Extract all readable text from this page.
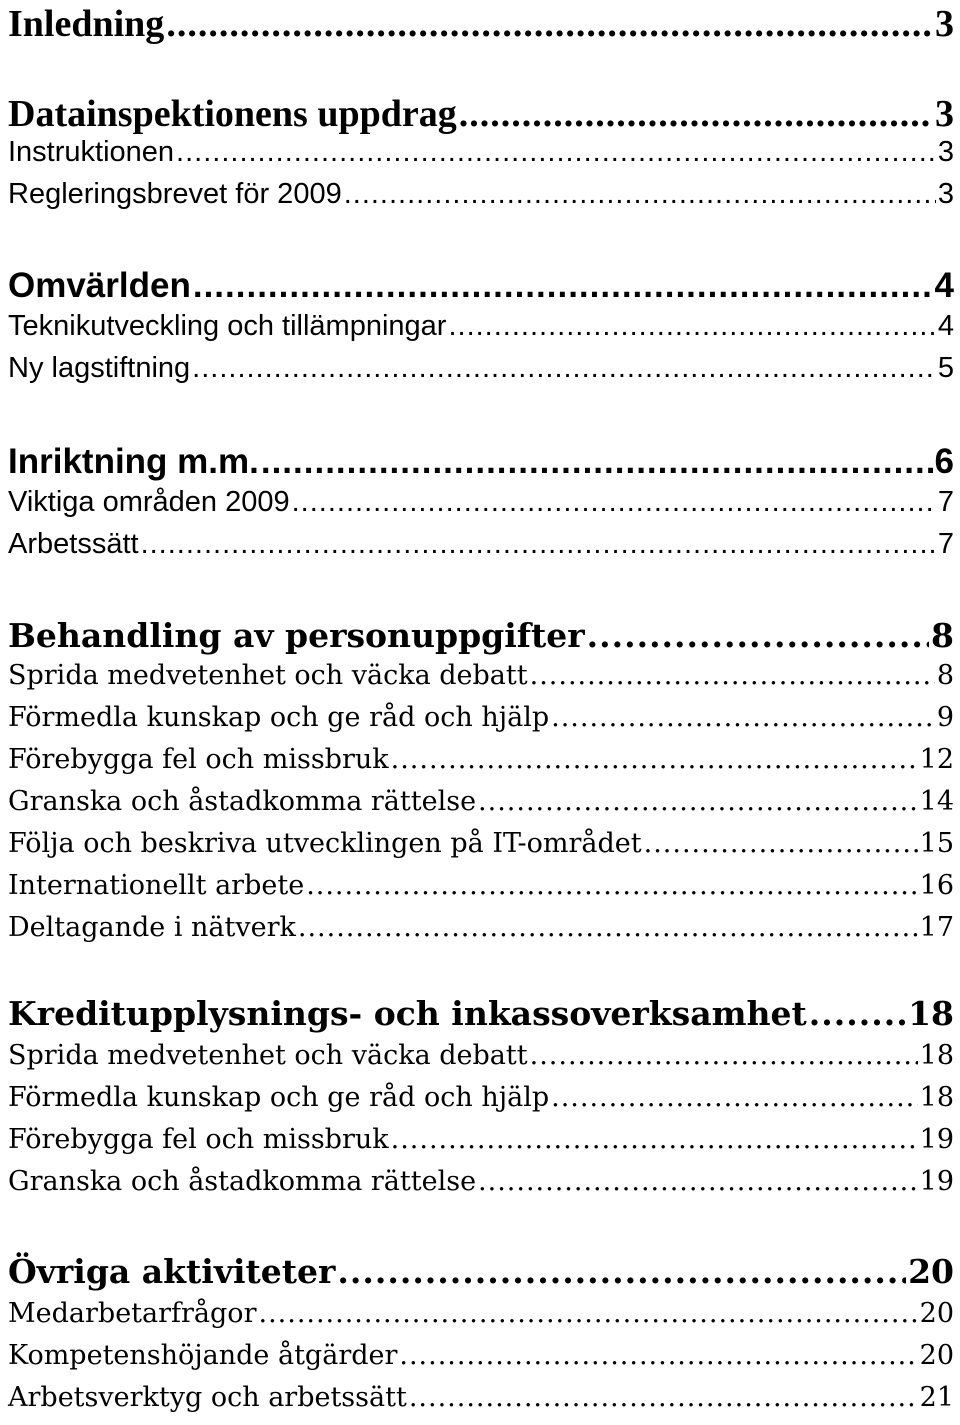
Inledning .....	3
Datainspektionens uppdrag .....	3
Instruktionen .....	3
Regleringsbrevet för 2009 .....	3
Omvärlden .....	4
Teknikutveckling och tillämpningar .....	4
Ny lagstiftning .....	5
Inriktning m.m. .....	6
Viktiga områden 2009 .....	7
Arbetssätt .....	7
Behandling av personuppgifter .....	8
Sprida medvetenhet och väcka debatt .....	8
Förmedla kunskap och ge råd och hjälp .....	9
Förebygga fel och missbruk .....	12
Granska och åstadkomma rättelse .....	14
Följa och beskriva utvecklingen på IT-området .....	15
Internationellt arbete .....	16
Deltagande i nätverk .....	17
Kreditupplysnings- och inkassoverksamhet .....	18
Sprida medvetenhet och väcka debatt .....	18
Förmedla kunskap och ge råd och hjälp .....	18
Förebygga fel och missbruk .....	19
Granska och åstadkomma rättelse .....	19
Övriga aktiviteter .....	20
Medarbetarfrågor .....	20
Kompetenshöjande åtgärder .....	20
Arbetsverktyg och arbetssätt .....	21
